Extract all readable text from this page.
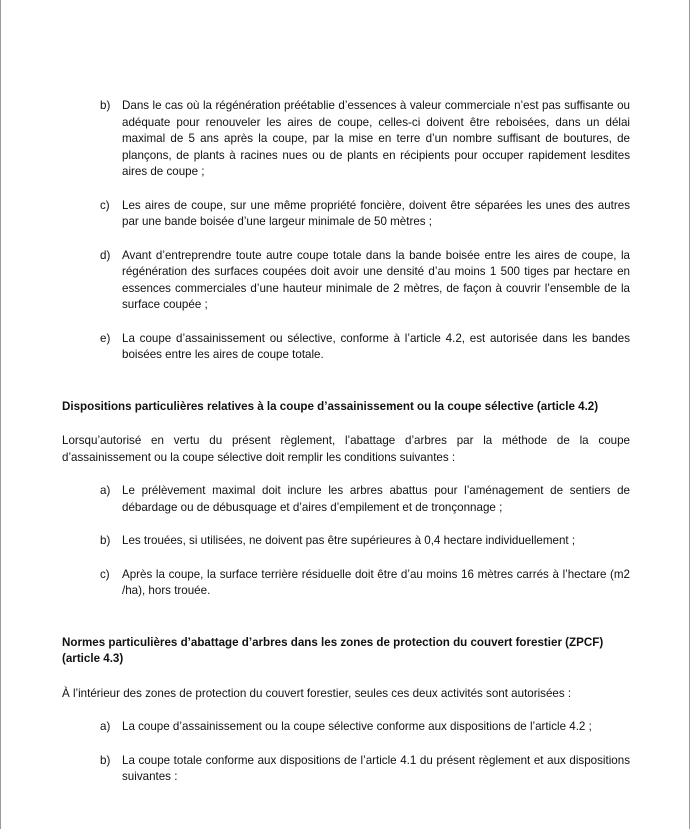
b) Dans le cas où la régénération préétablie d’essences à valeur commerciale n’est pas suffisante ou adéquate pour renouveler les aires de coupe, celles-ci doivent être reboisées, dans un délai maximal de 5 ans après la coupe, par la mise en terre d’un nombre suffisant de boutures, de plançons, de plants à racines nues ou de plants en récipients pour occuper rapidement lesdites aires de coupe ;
c) Les aires de coupe, sur une même propriété foncière, doivent être séparées les unes des autres par une bande boisée d’une largeur minimale de 50 mètres ;
d) Avant d’entreprendre toute autre coupe totale dans la bande boisée entre les aires de coupe, la régénération des surfaces coupées doit avoir une densité d’au moins 1 500 tiges par hectare en essences commerciales d’une hauteur minimale de 2 mètres, de façon à couvrir l’ensemble de la surface coupée ;
e) La coupe d’assainissement ou sélective, conforme à l’article 4.2, est autorisée dans les bandes boisées entre les aires de coupe totale.

Dispositions particulières relatives à la coupe d’assainissement ou la coupe sélective (article 4.2)

Lorsqu’autorisé en vertu du présent règlement, l’abattage d’arbres par la méthode de la coupe d’assainissement ou la coupe sélective doit remplir les conditions suivantes :

a) Le prélèvement maximal doit inclure les arbres abattus pour l’aménagement de sentiers de débardage ou de débusquage et d’aires d’empilement et de tronçonnage ;
b) Les trouées, si utilisées, ne doivent pas être supérieures à 0,4 hectare individuellement ;
c) Après la coupe, la surface terrière résiduelle doit être d’au moins 16 mètres carrés à l’hectare (m2 /ha), hors trouée.

Normes particulières d’abattage d’arbres dans les zones de protection du couvert forestier (ZPCF) (article 4.3)

À l’intérieur des zones de protection du couvert forestier, seules ces deux activités sont autorisées :

a) La coupe d’assainissement ou la coupe sélective conforme aux dispositions de l’article 4.2 ;
b) La coupe totale conforme aux dispositions de l’article 4.1 du présent règlement et aux dispositions suivantes :
